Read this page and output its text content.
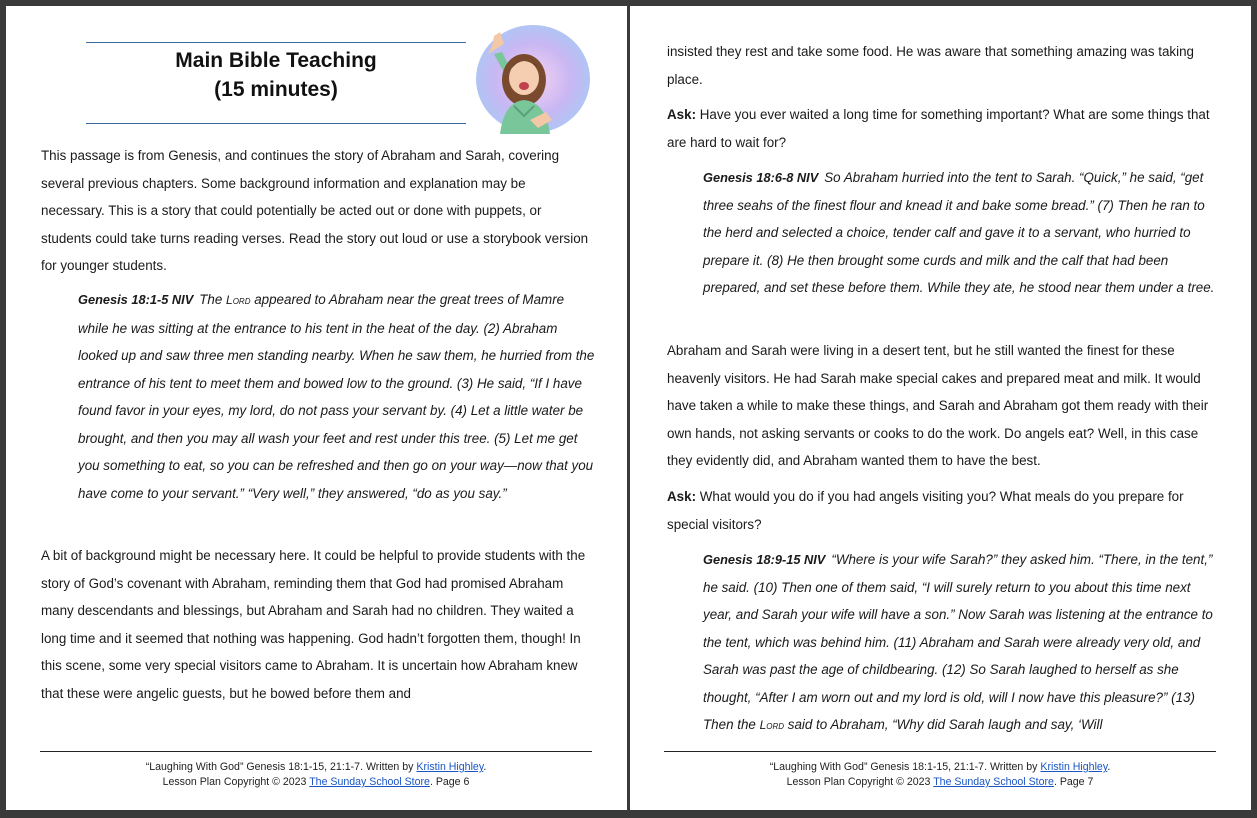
Main Bible Teaching
(15 minutes)

This passage is from Genesis, and continues the story of Abraham and Sarah, covering several previous chapters. Some background information and explanation may be necessary. This is a story that could potentially be acted out or done with puppets, or students could take turns reading verses. Read the story out loud or use a storybook version for younger students.

Genesis 18:1-5 NIV The Lord appeared to Abraham near the great trees of Mamre while he was sitting at the entrance to his tent in the heat of the day. (2) Abraham looked up and saw three men standing nearby. When he saw them, he hurried from the entrance of his tent to meet them and bowed low to the ground. (3) He said, “If I have found favor in your eyes, my lord, do not pass your servant by. (4) Let a little water be brought, and then you may all wash your feet and rest under this tree. (5) Let me get you something to eat, so you can be refreshed and then go on your way—now that you have come to your servant.” “Very well,” they answered, “do as you say.”

A bit of background might be necessary here. It could be helpful to provide students with the story of God’s covenant with Abraham, reminding them that God had promised Abraham many descendants and blessings, but Abraham and Sarah had no children. They waited a long time and it seemed that nothing was happening. God hadn’t forgotten them, though! In this scene, some very special visitors came to Abraham. It is uncertain how Abraham knew that these were angelic guests, but he bowed before them and

“Laughing With God” Genesis 18:1-15, 21:1-7. Written by Kristin Highley.
Lesson Plan Copyright © 2023 The Sunday School Store. Page 6

insisted they rest and take some food. He was aware that something amazing was taking place.

Ask: Have you ever waited a long time for something important? What are some things that are hard to wait for?

Genesis 18:6-8 NIV So Abraham hurried into the tent to Sarah. “Quick,” he said, “get three seahs of the finest flour and knead it and bake some bread.” (7) Then he ran to the herd and selected a choice, tender calf and gave it to a servant, who hurried to prepare it. (8) He then brought some curds and milk and the calf that had been prepared, and set these before them. While they ate, he stood near them under a tree.

Abraham and Sarah were living in a desert tent, but he still wanted the finest for these heavenly visitors. He had Sarah make special cakes and prepared meat and milk. It would have taken a while to make these things, and Sarah and Abraham got them ready with their own hands, not asking servants or cooks to do the work. Do angels eat? Well, in this case they evidently did, and Abraham wanted them to have the best.

Ask: What would you do if you had angels visiting you? What meals do you prepare for special visitors?

Genesis 18:9-15 NIV “Where is your wife Sarah?” they asked him. “There, in the tent,” he said. (10) Then one of them said, “I will surely return to you about this time next year, and Sarah your wife will have a son.” Now Sarah was listening at the entrance to the tent, which was behind him. (11) Abraham and Sarah were already very old, and Sarah was past the age of childbearing. (12) So Sarah laughed to herself as she thought, “After I am worn out and my lord is old, will I now have this pleasure?” (13) Then the Lord said to Abraham, “Why did Sarah laugh and say, ‘Will

“Laughing With God” Genesis 18:1-15, 21:1-7. Written by Kristin Highley.
Lesson Plan Copyright © 2023 The Sunday School Store. Page 7
